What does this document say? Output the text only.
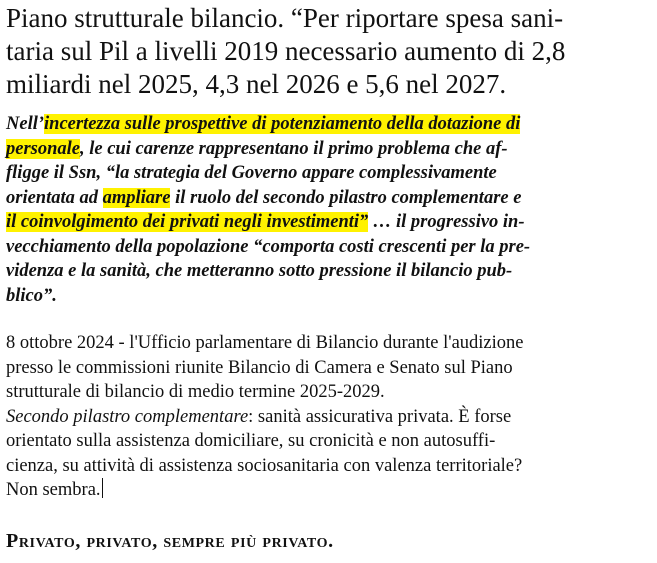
Piano strutturale bilancio. “Per riportare spesa sani-
taria sul Pil a livelli 2019 necessario aumento di 2,8
miliardi nel 2025, 4,3 nel 2026 e 5,6 nel 2027.
Nell’incertezza sulle prospettive di potenziamento della dotazione di
personale, le cui carenze rappresentano il primo problema che af-
fligge il Ssn, “la strategia del Governo appare complessivamente
orientata ad ampliare il ruolo del secondo pilastro complementare e
il coinvolgimento dei privati negli investimenti” … il progressivo in-
vecchiamento della popolazione “comporta costi crescenti per la pre-
videnza e la sanità, che metteranno sotto pressione il bilancio pub-
blico”.
8 ottobre 2024 - l'Ufficio parlamentare di Bilancio durante l'audizione
presso le commissioni riunite Bilancio di Camera e Senato sul Piano
strutturale di bilancio di medio termine 2025-2029.
Secondo pilastro complementare: sanità assicurativa privata. È forse
orientato sulla assistenza domiciliare, su cronicità e non autosuffi-
cienza, su attività di assistenza sociosanitaria con valenza territoriale?
Non sembra.
Privato, privato, sempre più privato.
